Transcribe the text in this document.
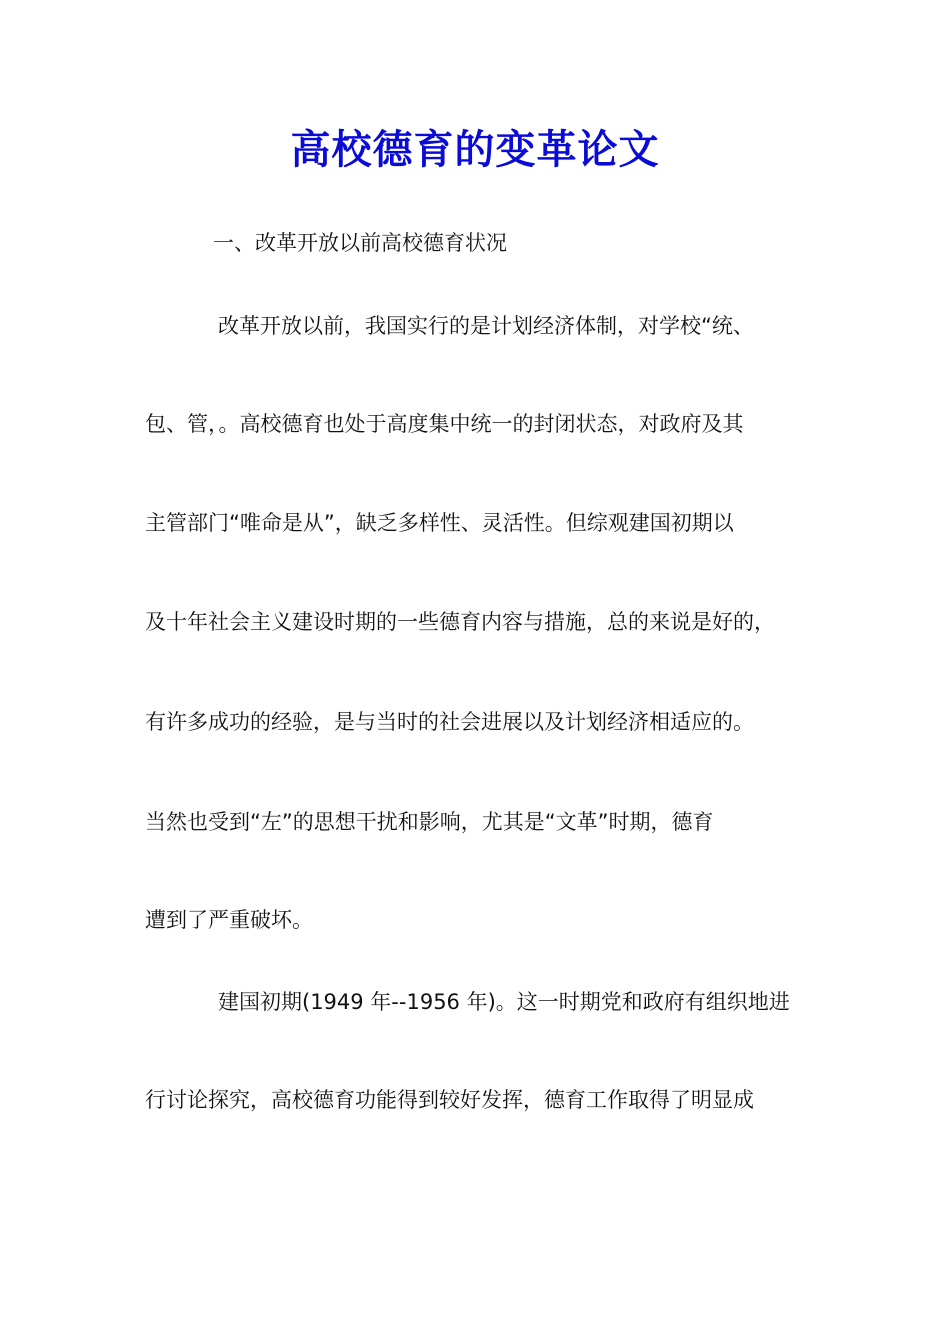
高校德育的变革论文

一、改革开放以前高校德育状况

改革开放以前，我国实行的是计划经济体制，对学校“统、

包、管，。高校德育也处于高度集中统一的封闭状态，对政府及其

主管部门“唯命是从”，缺乏多样性、灵活性。但综观建国初期以

及十年社会主义建设时期的一些德育内容与措施，总的来说是好的，

有许多成功的经验，是与当时的社会进展以及计划经济相适应的。

当然也受到“左”的思想干扰和影响，尤其是“文革”时期，德育

遭到了严重破坏。

建国初期(1949 年--1956 年)。这一时期党和政府有组织地进

行讨论探究，高校德育功能得到较好发挥，德育工作取得了明显成
